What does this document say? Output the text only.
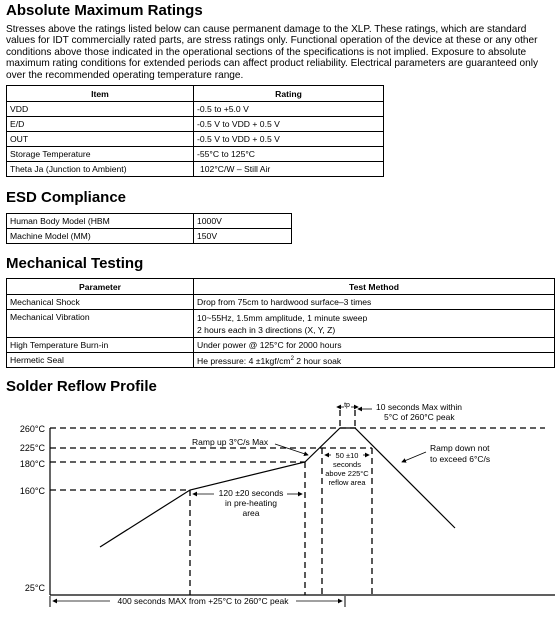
Absolute Maximum Ratings

Stresses above the ratings listed below can cause permanent damage to the XLP. These ratings, which are standard values for IDT commercially rated parts, are stress ratings only. Functional operation of the device at these or any other conditions above those indicated in the operational sections of the specifications is not implied. Exposure to absolute maximum rating conditions for extended periods can affect product reliability. Electrical parameters are guaranteed only over the recommended operating temperature range.

Item	Rating
VDD	-0.5 to +5.0 V
E/D	-0.5 V to VDD + 0.5 V
OUT	-0.5 V to VDD + 0.5 V
Storage Temperature	-55°C to 125°C
Theta Ja (Junction to Ambient)	102°C/W – Still Air
ESD Compliance
Human Body Model (HBM	1000V
Machine Model (MM)	150V
Mechanical Testing
Parameter	Test Method
Mechanical Shock	Drop from 75cm to hardwood surface–3 times
Mechanical Vibration	10~55Hz, 1.5mm amplitude, 1 minute sweep
2 hours each in 3 directions (X, Y, Z)

High Temperature Burn-in	Under power @ 125°C for 2000 hours
Hermetic Seal	He pressure: $4 \pm 1kgf/cm^2$ 2 hour soak
Solder Reflow Profile
260°C
225°C
180°C
160°C
25°C
tp	10 seconds Max within
5°C of 260°C peak
Ramp up 3°C/s Max
Ramp down not
to exceed 6°C/s
120 ±20 seconds
in pre-heating
area
50 ±10
seconds
above 225°C
reflow area
400 seconds MAX from +25°C to 260°C peak
